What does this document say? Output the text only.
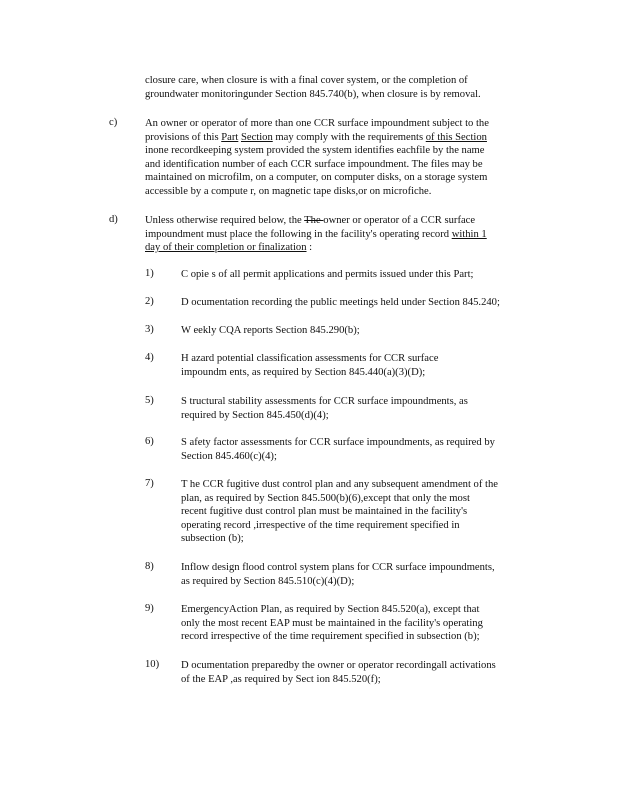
closure care, when closure is with a final cover system, or the completion of
groundwater monitoringunder Section 845.740(b), when closure is by removal.
c)	An owner or operator of more than one CCR surface impoundment subject to the
provisions of this Part Section may comply with the requirements of this Section
inone recordkeeping system provided the system identifies eachfile by the name
and identification number of each CCR surface impoundment. The files may be
maintained on microfilm, on a computer, on computer disks, on a storage system
accessible by a compute r, on magnetic tape disks,or on microfiche.
d)	Unless otherwise required below, the The owner or operator of a CCR surface
impoundment must place the following in the facility's operating record within 1
day of their completion or finalization :
1)	C opie s of all permit applications and permits issued under this Part;
2)	D ocumentation recording the public meetings held under Section 845.240;
3)	W eekly CQA reports Section 845.290(b);
4)	H azard potential classification assessments for CCR surface
impoundm ents, as required by Section 845.440(a)(3)(D);
5)	S tructural stability assessments for CCR surface impoundments, as
required by Section 845.450(d)(4);
6)	S afety factor assessments for CCR surface impoundments, as required by
Section 845.460(c)(4);
7)	T he CCR fugitive dust control plan and any subsequent amendment of the
plan, as required by Section 845.500(b)(6),except that only the most
recent fugitive dust control plan must be maintained in the facility's
operating record ,irrespective of the time requirement specified in
subsection (b);
8)	Inflow design flood control system plans for CCR surface impoundments,
as required by Section 845.510(c)(4)(D);
9)	EmergencyAction Plan, as required by Section 845.520(a), except that
only the most recent EAP must be maintained in the facility's operating
record irrespective of the time requirement specified in subsection (b);
10) D ocumentation preparedby the owner or operator recordingall activations
of the EAP ,as required by Sect ion 845.520(f);
